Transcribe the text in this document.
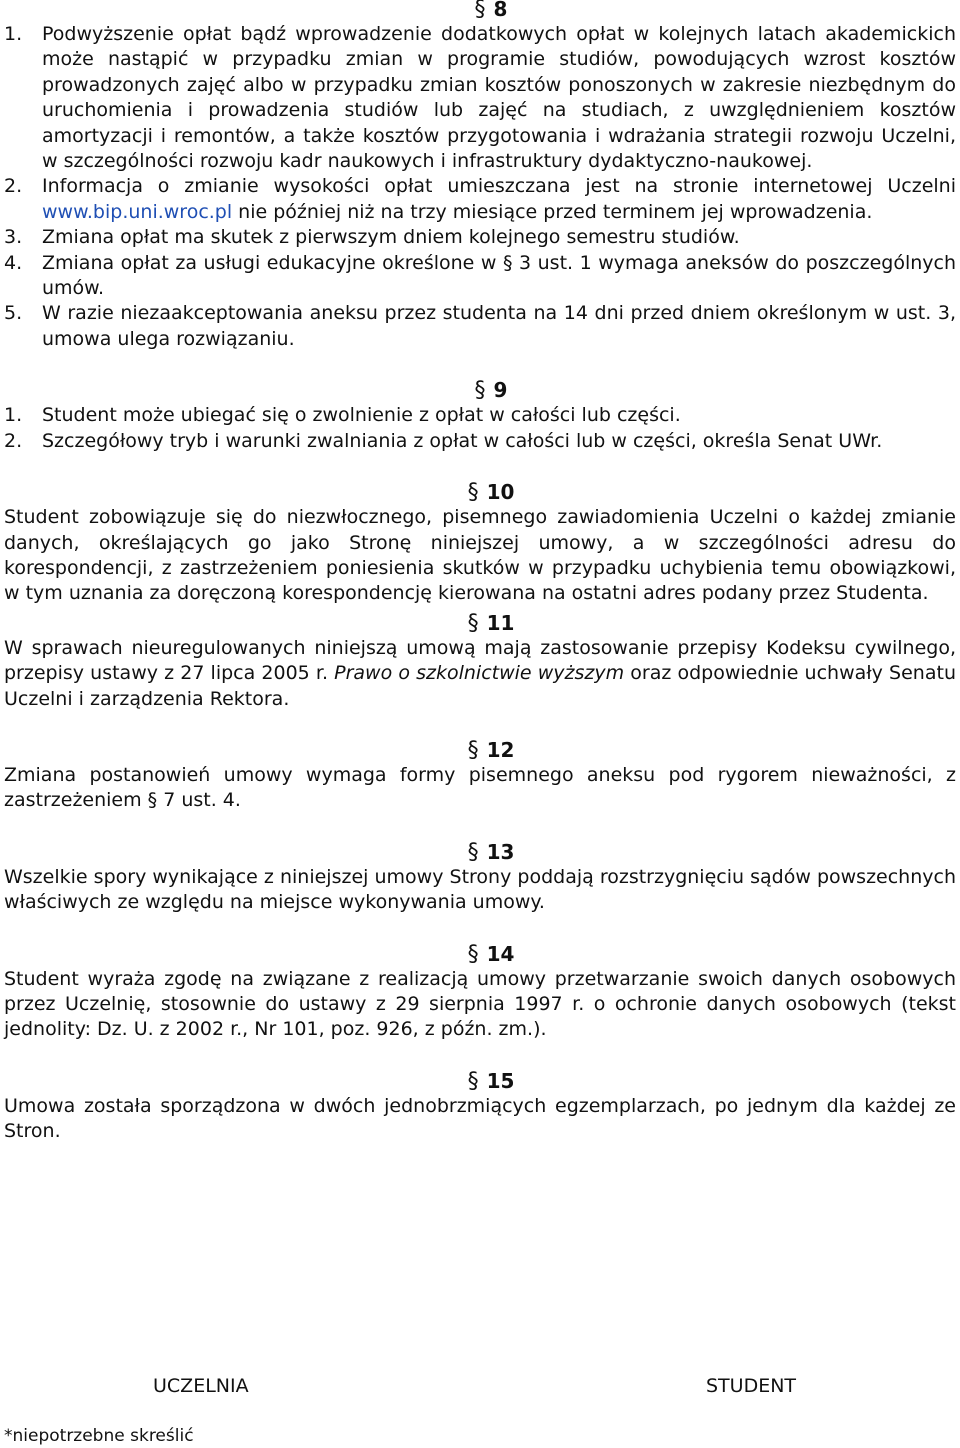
§ 8
1. Podwyższenie opłat bądź wprowadzenie dodatkowych opłat w kolejnych latach akademickich może nastąpić w przypadku zmian w programie studiów, powodujących wzrost kosztów prowadzonych zajęć albo w przypadku zmian kosztów ponoszonych w zakresie niezbędnym do uruchomienia i prowadzenia studiów lub zajęć na studiach, z uwzględnieniem kosztów amortyzacji i remontów, a także kosztów przygotowania i wdrażania strategii rozwoju Uczelni, w szczególności rozwoju kadr naukowych i infrastruktury dydaktyczno-naukowej.
2. Informacja o zmianie wysokości opłat umieszczana jest na stronie internetowej Uczelni www.bip.uni.wroc.pl nie później niż na trzy miesiące przed terminem jej wprowadzenia.
3. Zmiana opłat ma skutek z pierwszym dniem kolejnego semestru studiów.
4. Zmiana opłat za usługi edukacyjne określone w § 3 ust. 1 wymaga aneksów do poszczególnych umów.
5. W razie niezaakceptowania aneksu przez studenta na 14 dni przed dniem określonym w ust. 3, umowa ulega rozwiązaniu.
§ 9
1. Student może ubiegać się o zwolnienie z opłat w całości lub części.
2. Szczegółowy tryb i warunki zwalniania z opłat w całości lub w części, określa Senat UWr.
§ 10

Student zobowiązuje się do niezwłocznego, pisemnego zawiadomienia Uczelni o każdej zmianie danych, określających go jako Stronę niniejszej umowy, a w szczególności adresu do korespondencji, z zastrzeżeniem poniesienia skutków w przypadku uchybienia temu obowiązkowi, w tym uznania za doręczoną korespondencję kierowana na ostatni adres podany przez Studenta.

§ 11

W sprawach nieuregulowanych niniejszą umową mają zastosowanie przepisy Kodeksu cywilnego, przepisy ustawy z 27 lipca 2005 r. Prawo o szkolnictwie wyższym oraz odpowiednie uchwały Senatu Uczelni i zarządzenia Rektora.

§ 12

Zmiana postanowień umowy wymaga formy pisemnego aneksu pod rygorem nieważności, z zastrzeżeniem § 7 ust. 4.

§ 13

Wszelkie spory wynikające z niniejszej umowy Strony poddają rozstrzygnięciu sądów powszechnych właściwych ze względu na miejsce wykonywania umowy.

§ 14

Student wyraża zgodę na związane z realizacją umowy przetwarzanie swoich danych osobowych przez Uczelnię, stosownie do ustawy z 29 sierpnia 1997 r. o ochronie danych osobowych (tekst jednolity: Dz. U. z 2002 r., Nr 101, poz. 926, z późn. zm.).

§ 15

Umowa została sporządzona w dwóch jednobrzmiących egzemplarzach, po jednym dla każdej ze Stron.

UCZELNIA	STUDENT
*niepotrzebne skreślić
